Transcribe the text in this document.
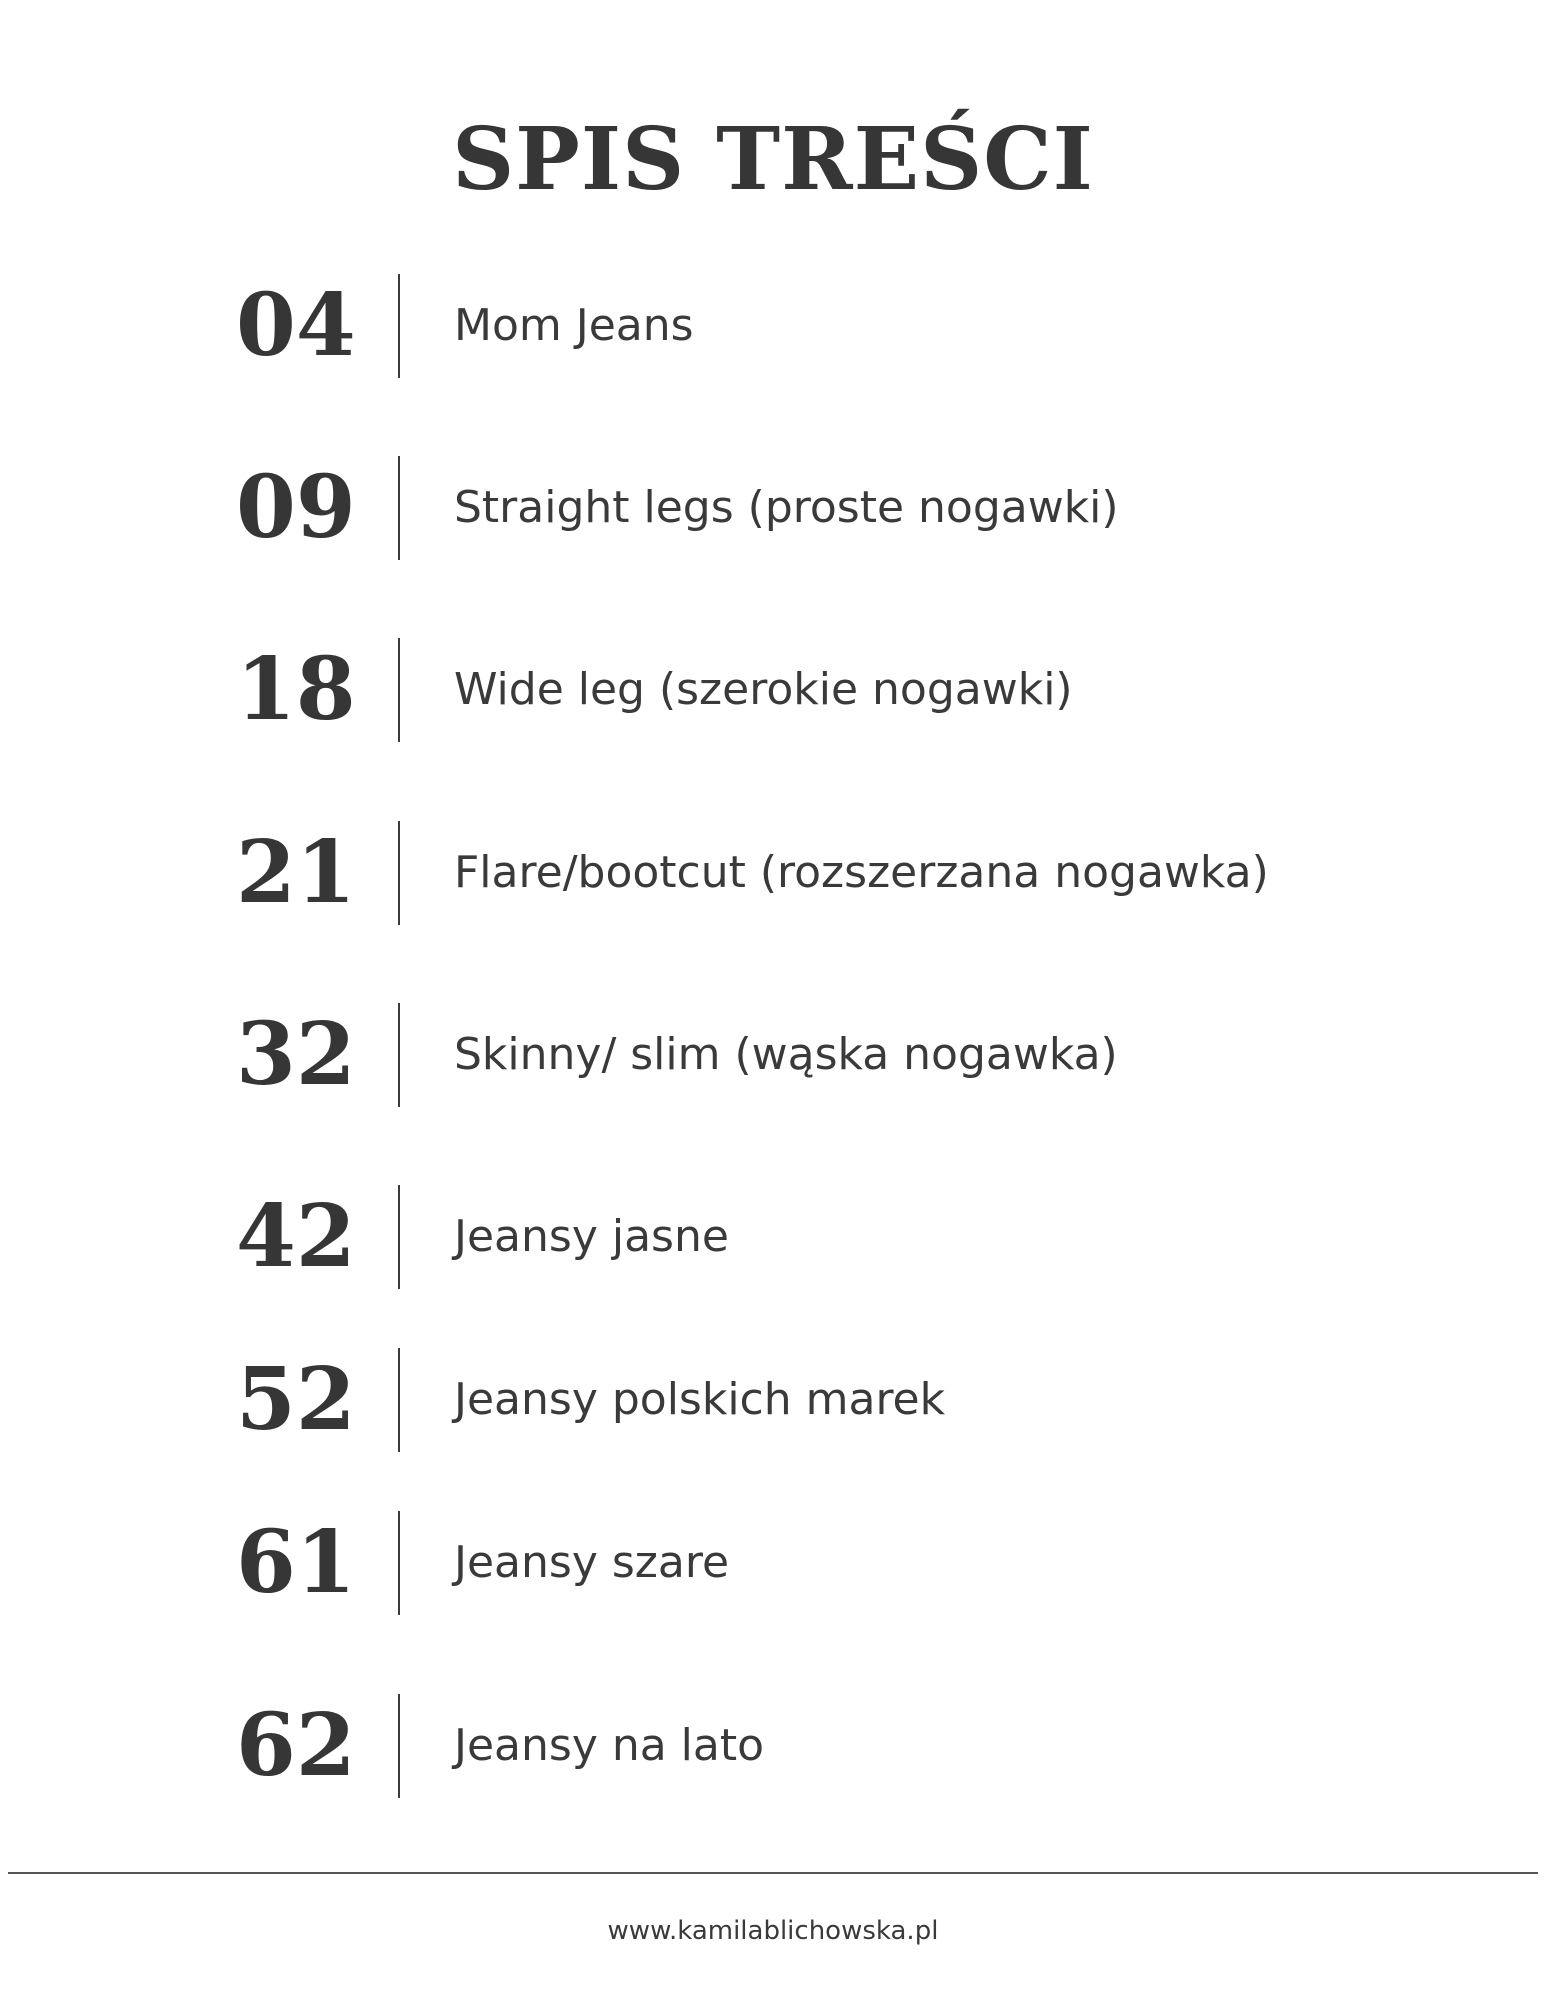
SPIS TREŚCI
04 Mom Jeans
09 Straight legs (proste nogawki)
18 Wide leg (szerokie nogawki)
21 Flare/bootcut (rozszerzana nogawka)
32 Skinny/ slim (wąska nogawka)
42 Jeansy jasne
52 Jeansy polskich marek
61 Jeansy szare
62 Jeansy na lato
www.kamilablichowska.pl
